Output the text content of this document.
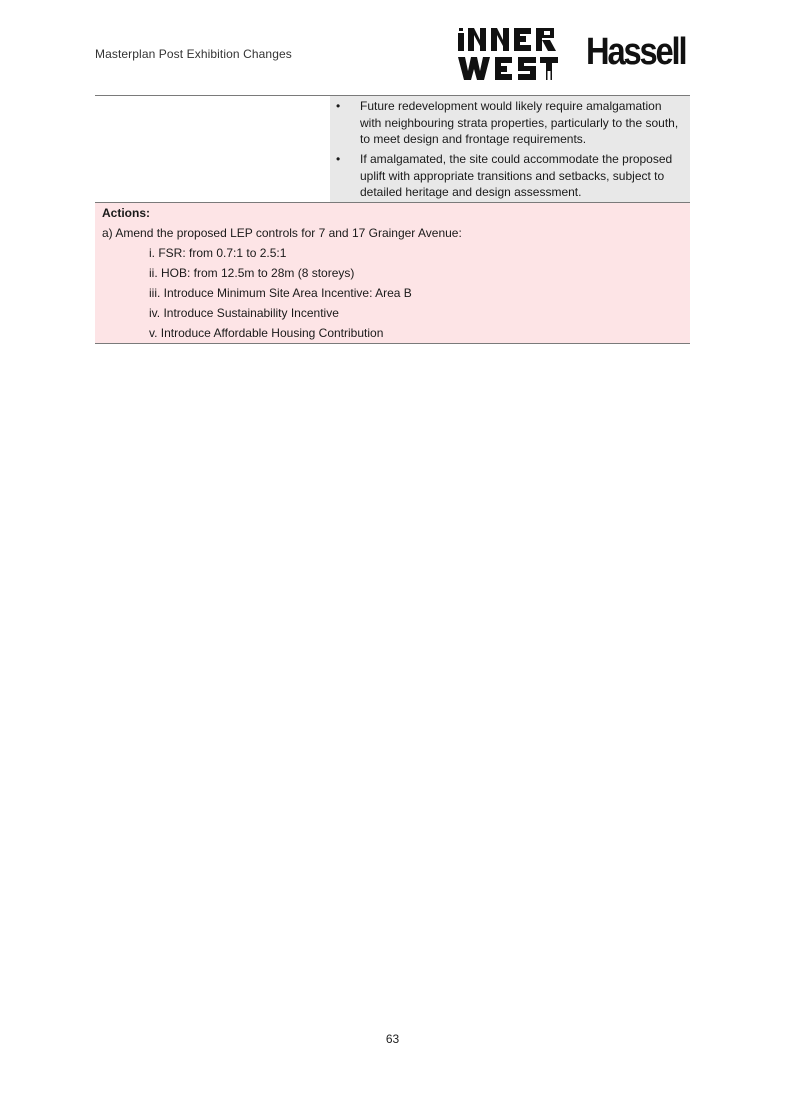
Masterplan Post Exhibition Changes	Hassell
• Future redevelopment would likely require amalgamation with neighbouring strata properties, particularly to the south, to meet design and frontage requirements.
• If amalgamated, the site could accommodate the proposed uplift with appropriate transitions and setbacks, subject to detailed heritage and design assessment.
Actions:
a) Amend the proposed LEP controls for 7 and 17 Grainger Avenue:
i. FSR: from 0.7:1 to 2.5:1
ii. HOB: from 12.5m to 28m (8 storeys)
iii. Introduce Minimum Site Area Incentive: Area B
iv. Introduce Sustainability Incentive
v. Introduce Affordable Housing Contribution
63
